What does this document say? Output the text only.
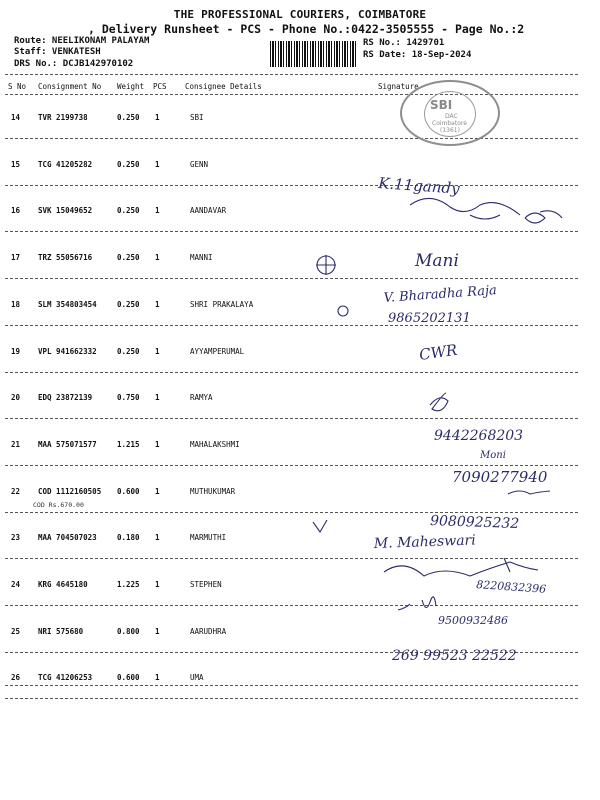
THE PROFESSIONAL COURIERS, COIMBATORE
, Delivery Runsheet - PCS - Phone No.:0422-3505555 - Page No.:2
Route: NEELIKONAM PALAYAM
Staff: VENKATESH
DRS No.: DCJB142970102
RS No.: 1429701
RS Date: 18-Sep-2024
S No Consignment No Weight PCS Consignee Details	Signature
14 TVR 2199738	0.250 1	SBI
15 TCG 41205282	0.250 1	GENN
16 SVK 15049652	0.250 1	AANDAVAR
17 TRZ 55056716	0.250 1	MANNI
18 SLM 354803454	0.250 1	SHRI PRAKALAYA
19 VPL 941662332	0.250 1	AYYAMPERUMAL
20 EDQ 23872139	0.750 1	RAMYA
21 MAA 575071577	1.215 1	MAHALAKSHMI
22 COD 1112160505 0.600 1	MUTHUKUMAR
COD Rs.670.00
23 MAA 704507023	0.180 1	MARMUTHI
24 KRG 4645180	1.225 1	STEPHEN
25 NRI 575680	0.800 1	AARUDHRA
26 TCG 41206253	0.600 1	UMA
SBI
DAC
Coimbatore
(1361)
K.11gandy
Mani
V. Bharadha Raja
9865202131
CWR
9442268203
Moni
7090277940
9080925232
M. Maheswari
8220832396
9500932486
269 99523 22522
